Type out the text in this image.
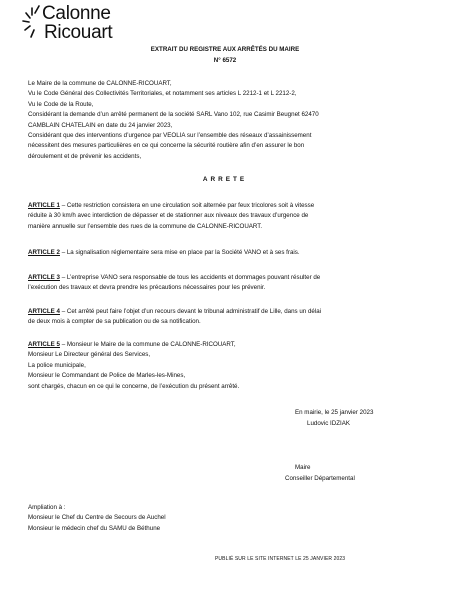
Calonne
Ricouart
EXTRAIT DU REGISTRE AUX ARRÊTÉS DU MAIRE
N° 6572
Le Maire de la commune de CALONNE-RICOUART,
Vu le Code Général des Collectivités Territoriales, et notamment ses articles L 2212-1 et L 2212-2,
Vu le Code de la Route,
Considérant la demande d’un arrêté permanent de la société SARL Vano 102, rue Casimir Beugnet 62470
CAMBLAIN CHATELAIN en date du 24 janvier 2023,
Considérant que des interventions d’urgence par VEOLIA sur l’ensemble des réseaux d’assainissement
nécessitent des mesures particulières en ce qui concerne la sécurité routière afin d’en assurer le bon
déroulement et de prévenir les accidents,
ARRETE
ARTICLE 1 – Cette restriction consistera en une circulation soit alternée par feux tricolores soit à vitesse
réduite à 30 km/h avec interdiction de dépasser et de stationner aux niveaux des travaux d’urgence de
manière annuelle sur l’ensemble des rues de la commune de CALONNE-RICOUART.
ARTICLE 2 – La signalisation réglementaire sera mise en place par la Société VANO et à ses frais.
ARTICLE 3 – L’entreprise VANO sera responsable de tous les accidents et dommages pouvant résulter de
l’exécution des travaux et devra prendre les précautions nécessaires pour les prévenir.
ARTICLE 4 – Cet arrêté peut faire l’objet d’un recours devant le tribunal administratif de Lille, dans un délai
de deux mois à compter de sa publication ou de sa notification.
ARTICLE 5 – Monsieur le Maire de la commune de CALONNE-RICOUART,
Monsieur Le Directeur général des Services,
La police municipale,
Monsieur le Commandant de Police de Marles-les-Mines,
sont chargés, chacun en ce qui le concerne, de l’exécution du présent arrêté.
En mairie, le 25 janvier 2023
Ludovic IDZIAK
Maire
Conseiller Départemental
Ampliation à :
Monsieur le Chef du Centre de Secours de Auchel
Monsieur le médecin chef du SAMU de Béthune
PUBLIÉ SUR LE SITE INTERNET LE 25 JANVIER 2023
